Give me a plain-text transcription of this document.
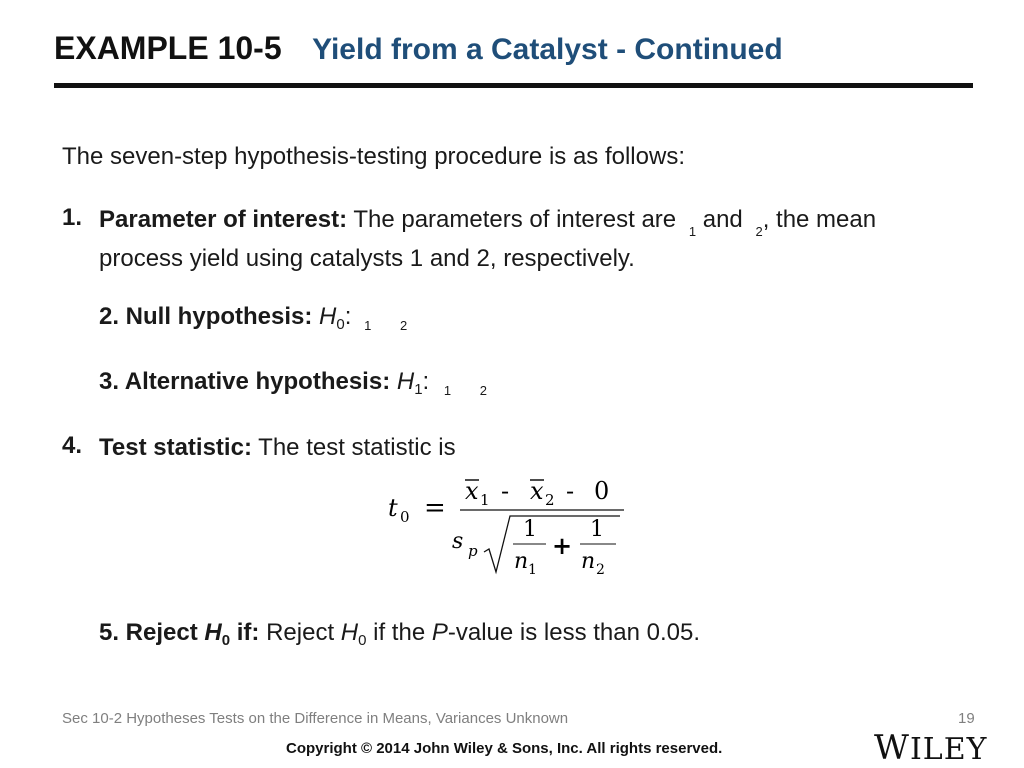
EXAMPLE 10-5 Yield from a Catalyst - Continued
The seven-step hypothesis-testing procedure is as follows:
1. Parameter of interest: The parameters of interest are $_1$ and $_2$, the mean
process yield using catalysts 1 and 2, respectively.
2. Null hypothesis: $H_0$: $_1$ $_2$
3. Alternative hypothesis: $H_1$: $_1$ $_2$
4. Test statistic: The test statistic is
t 0 =
x 1 - x 2 - 0
s p
1
n 1
+
1
n 2
5. Reject $H_0$ if: Reject $H_0$ if the P-value is less than 0.05.
Sec 10-2 Hypotheses Tests on the Difference in Means, Variances Unknown	19
Copyright © 2014 John Wiley & Sons, Inc. All rights reserved.	WILEY
